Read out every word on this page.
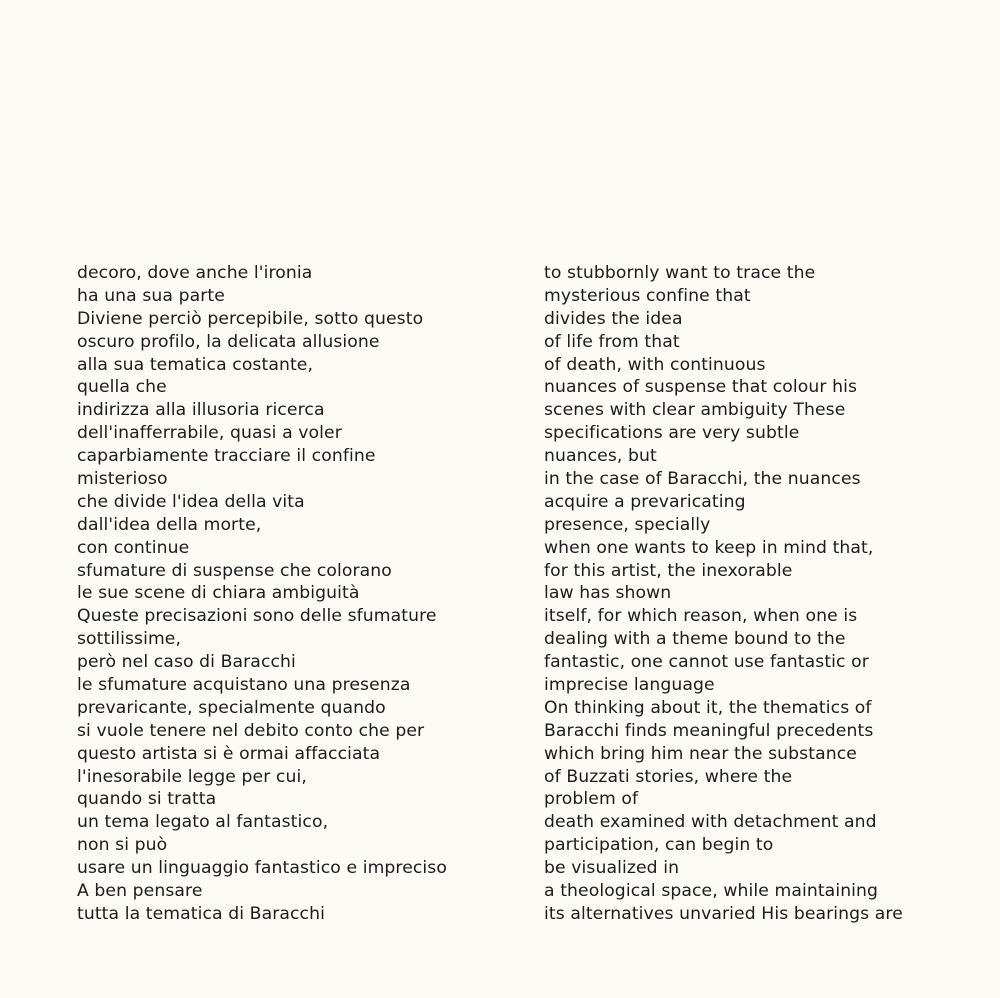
decoro, dove anche l'ironia
ha una sua parte
Diviene perciò percepibile, sotto questo
oscuro profilo, la delicata allusione
alla sua tematica costante,
quella che
indirizza alla illusoria ricerca
dell'inafferrabile, quasi a voler
caparbiamente tracciare il confine
misterioso
che divide l'idea della vita
dall'idea della morte,
con continue
sfumature di suspense che colorano
le sue scene di chiara ambiguità
Queste precisazioni sono delle sfumature
sottilissime,
però nel caso di Baracchi
le sfumature acquistano una presenza
prevaricante, specialmente quando
si vuole tenere nel debito conto che per
questo artista si è ormai affacciata
l'inesorabile legge per cui,
quando si tratta
un tema legato al fantastico,
non si può
usare un linguaggio fantastico e impreciso
A ben pensare
tutta la tematica di Baracchi
to stubbornly want to trace the
mysterious confine that
divides the idea
of life from that
of death, with continuous
nuances of suspense that colour his
scenes with clear ambiguity These
specifications are very subtle
nuances, but
in the case of Baracchi, the nuances
acquire a prevaricating
presence, specially
when one wants to keep in mind that,
for this artist, the inexorable
law has shown
itself, for which reason, when one is
dealing with a theme bound to the
fantastic, one cannot use fantastic or
imprecise language
On thinking about it, the thematics of
Baracchi finds meaningful precedents
which bring him near the substance
of Buzzati stories, where the
problem of
death examined with detachment and
participation, can begin to
be visualized in
a theological space, while maintaining
its alternatives unvaried His bearings are
